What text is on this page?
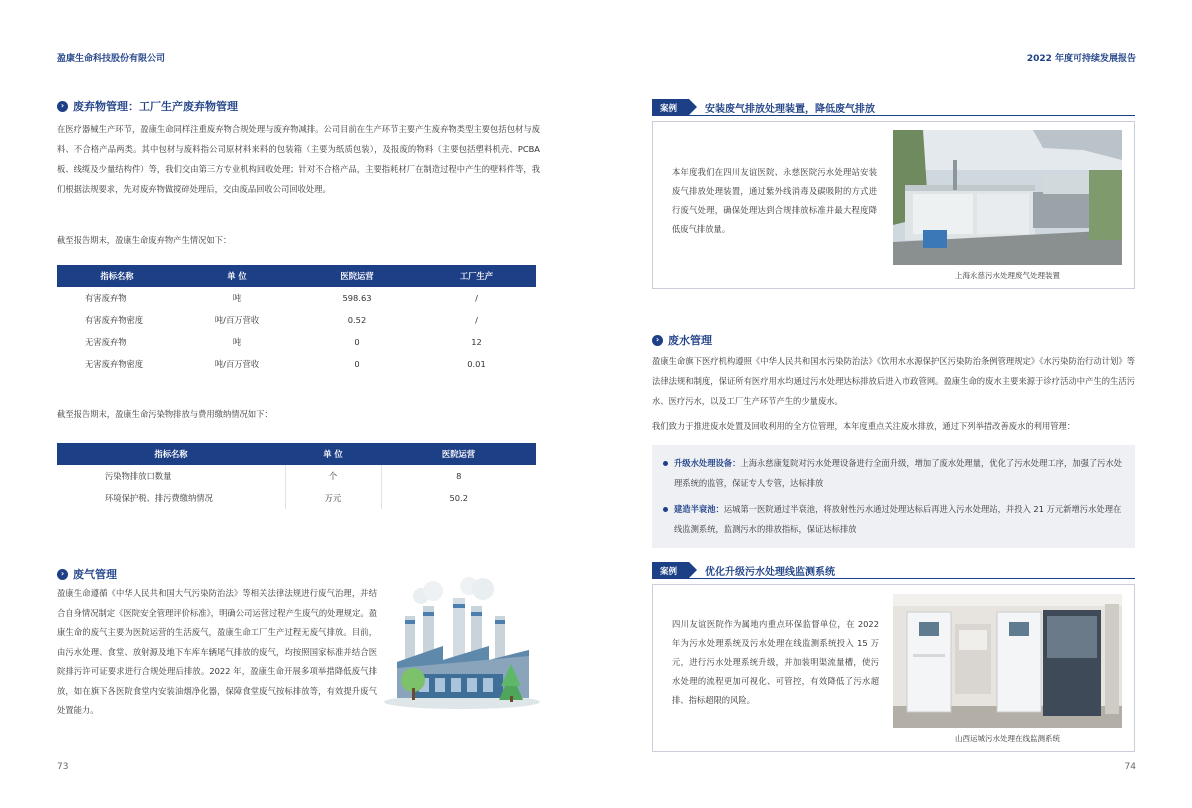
盈康生命科技股份有限公司	2022 年度可持续发展报告
› 废弃物管理：工厂生产废弃物管理
在医疗器械生产环节，盈康生命同样注重废弃物合规处理与废弃物减排。公司目前在生产环节主要产生废弃物类型主要包括包材与废料、不合格产品两类。其中包材与废料指公司原材料来料的包装箱（主要为纸质包装），及报废的物料（主要包括塑料机壳、PCBA 板、线缆及少量结构件）等，我们交由第三方专业机构回收处理；针对不合格产品，主要指耗材厂在制造过程中产生的壁料件等，我们根据法规要求，先对废弃物做搅碎处理后，交由废品回收公司回收处理。
截至报告期末，盈康生命废弃物产生情况如下：
指标名称	单 位	医院运营	工厂生产
有害废弃物	吨	598.63	/
有害废弃物密度	吨/百万营收	0.52	/
无害废弃物	吨	0	12
无害废弃物密度	吨/百万营收	0	0.01
截至报告期末，盈康生命污染物排放与费用缴纳情况如下：
指标名称	单 位	医院运营
污染物排放口数量	个	8
环境保护税、排污费缴纳情况	万元	50.2
› 废气管理
盈康生命遵循《中华人民共和国大气污染防治法》等相关法律法规进行废气治理，并结合自身情况制定《医院安全管理评价标准》，明确公司运营过程产生废气的处理规定。盈康生命的废气主要为医院运营的生活废气，盈康生命工厂生产过程无废气排放。目前，由污水处理、食堂、放射源及地下车库车辆尾气排放的废气，均按照国家标准并结合医院排污许可证要求进行合规处理后排放。2022 年，盈康生命开展多项举措降低废气排放，如在旗下各医院食堂内安装油烟净化器，保障食堂废气按标排放等，有效提升废气处置能力。
案例	安装废气排放处理装置，降低废气排放
本年度我们在四川友谊医院、永慈医院污水处理站安装废气排放处理装置，通过紫外线消毒及碳吸附的方式进行废气处理，确保处理达到合规排放标准并最大程度降低废气排放量。
上海永慈污水处理废气处理装置
› 废水管理
盈康生命旗下医疗机构遵照《中华人民共和国水污染防治法》《饮用水水源保护区污染防治条例管理规定》《水污染防治行动计划》等法律法规和制度，保证所有医疗用水均通过污水处理达标排放后进入市政管网。盈康生命的废水主要来源于诊疗活动中产生的生活污水、医疗污水，以及工厂生产环节产生的少量废水。
我们致力于推进废水处置及回收利用的全方位管理，本年度重点关注废水排放，通过下列举措改善废水的利用管理：
升级水处理设备：上海永慈康复院对污水处理设备进行全面升级，增加了废水处理量，优化了污水处理工序，加强了污水处理系统的监管，保证专人专管，达标排放
建造半衰池：运城第一医院通过半衰池，将放射性污水通过处理达标后再进入污水处理站，并投入 21 万元新增污水处理在线监测系统，监测污水的排放指标，保证达标排放
案例	优化升级污水处理线监测系统
四川友谊医院作为属地内重点环保监督单位，在 2022 年为污水处理系统及污水处理在线监测系统投入 15 万元，进行污水处理系统升级，并加装明渠流量槽，使污水处理的流程更加可视化、可管控，有效降低了污水超排、指标超限的风险。
山西运城污水处理在线监测系统
73	74
